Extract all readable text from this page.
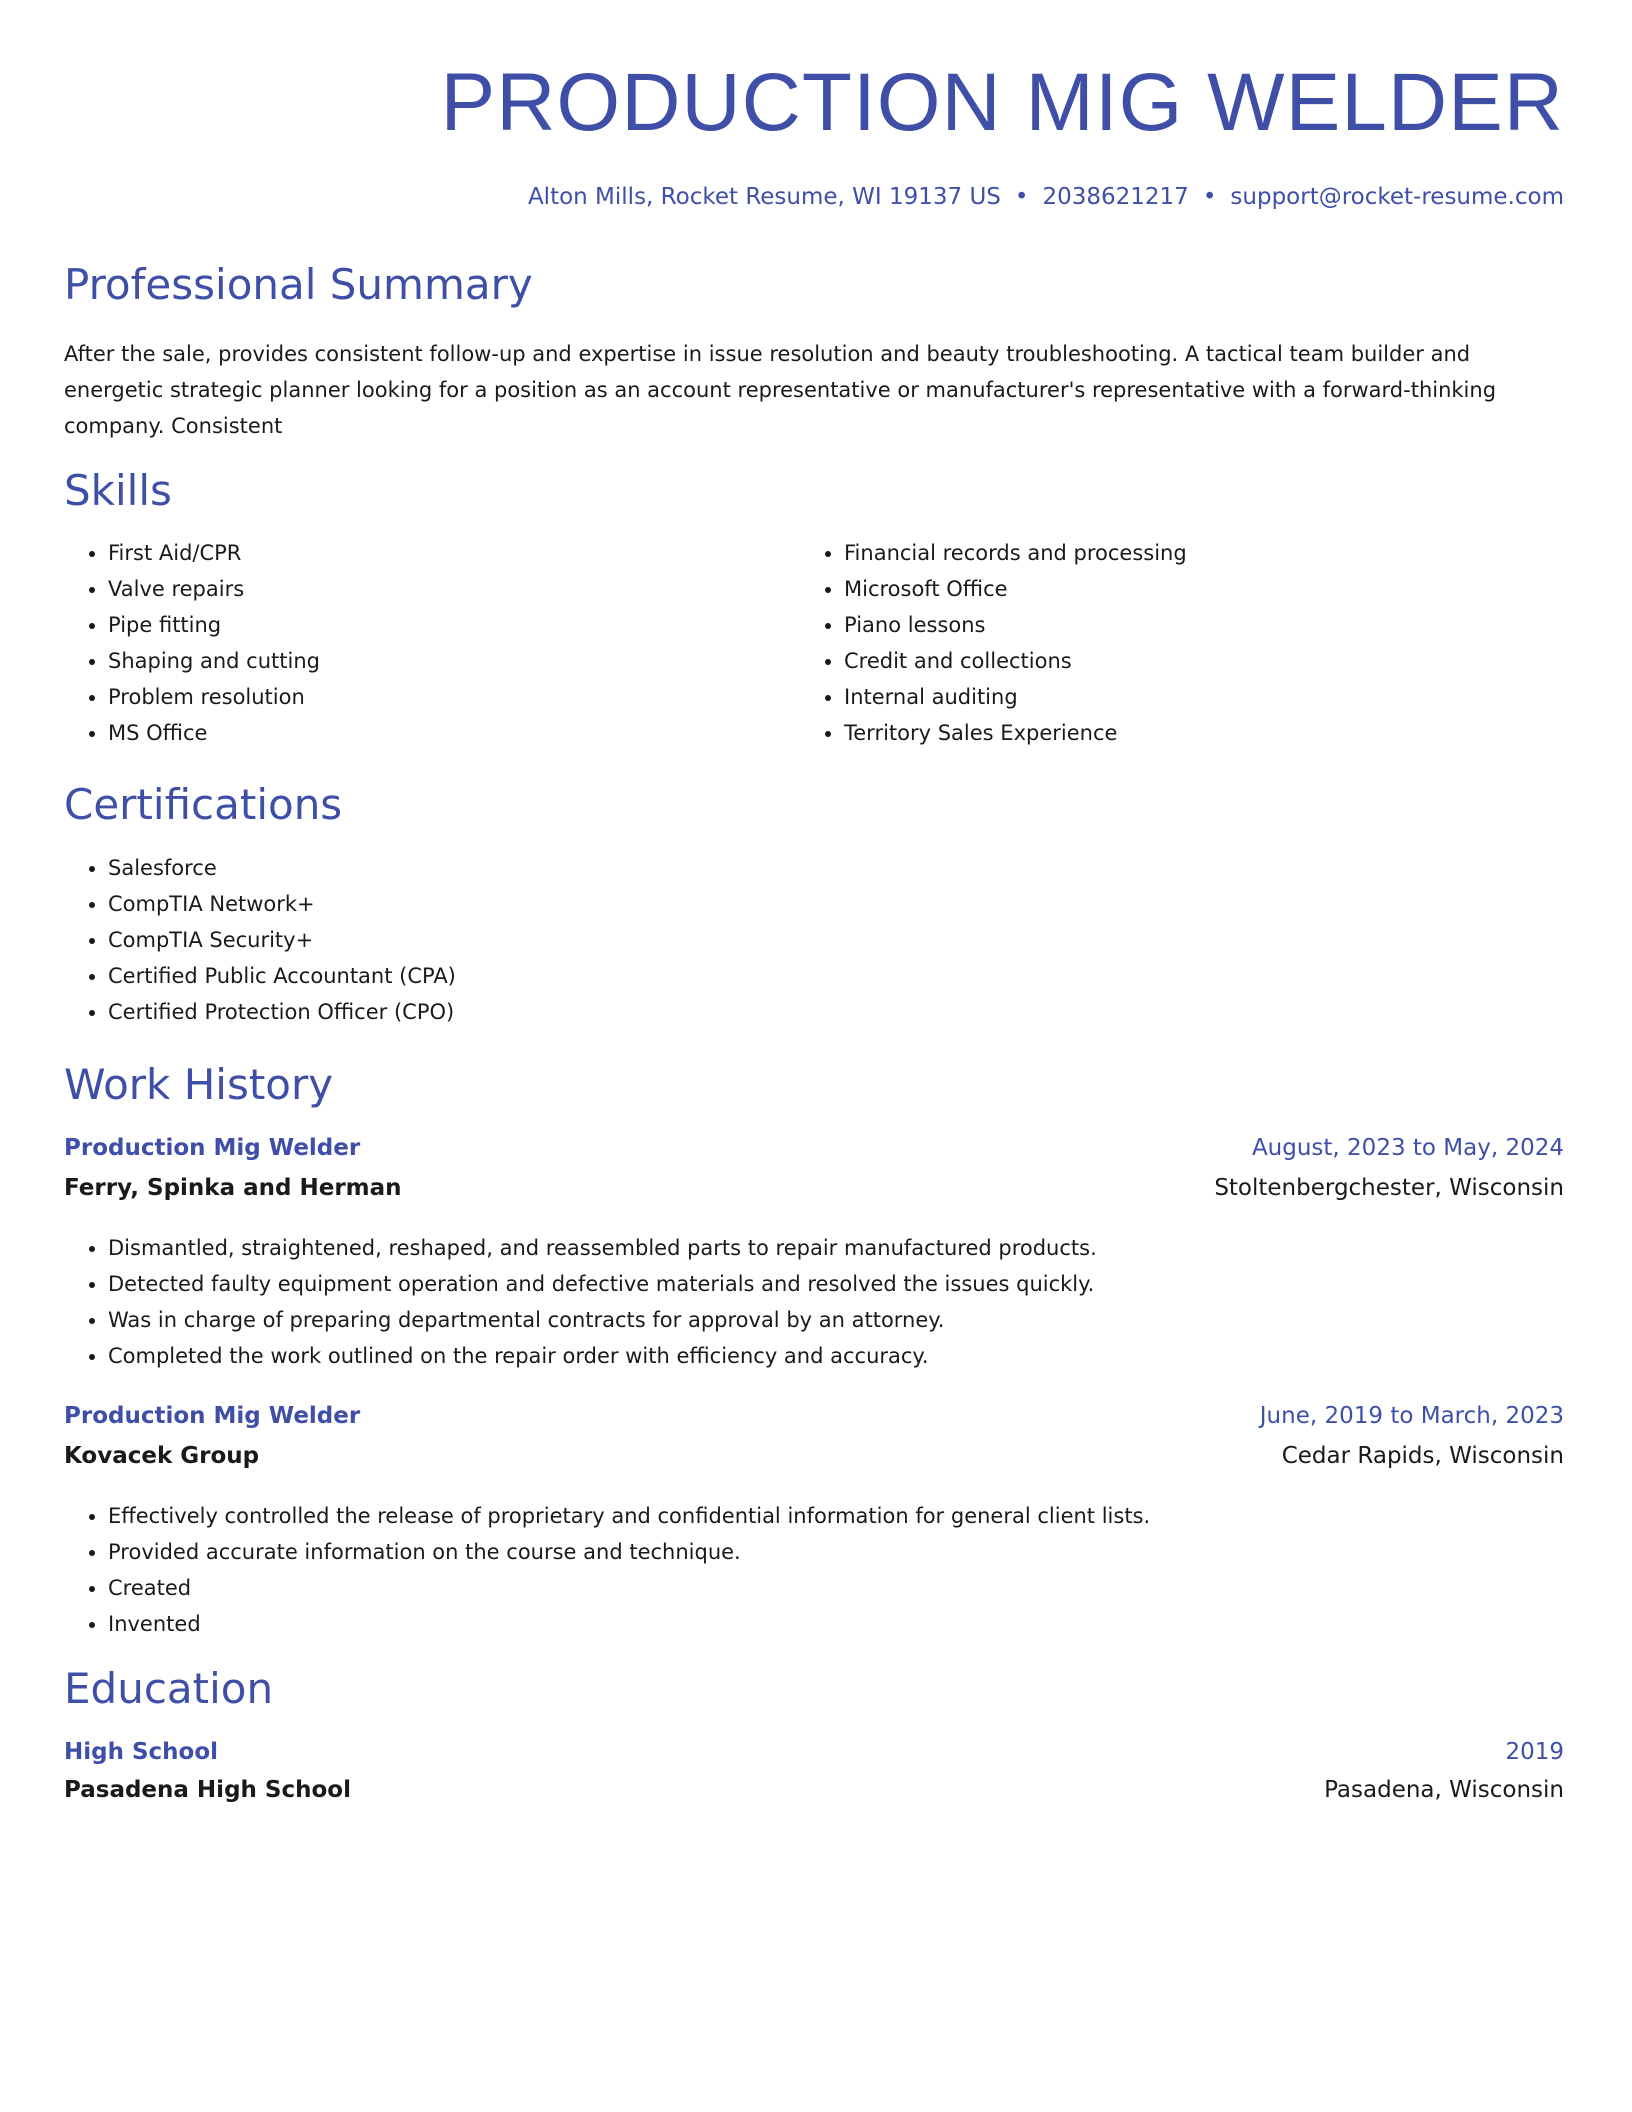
PRODUCTION MIG WELDER
Alton Mills, Rocket Resume, WI 19137 US • 2038621217 • support@rocket-resume.com
Professional Summary

After the sale, provides consistent follow-up and expertise in issue resolution and beauty troubleshooting. A tactical team builder and energetic strategic planner looking for a position as an account representative or manufacturer's representative with a forward-thinking company. Consistent

Skills
• First Aid/CPR
• Valve repairs
• Pipe fitting
• Shaping and cutting
• Problem resolution
• MS Office
• Financial records and processing
• Microsoft Office
• Piano lessons
• Credit and collections
• Internal auditing
• Territory Sales Experience
Certifications
• Salesforce
• CompTIA Network+
• CompTIA Security+
• Certified Public Accountant (CPA)
• Certified Protection Officer (CPO)
Work History
Production Mig Welder	August, 2023 to May, 2024
Ferry, Spinka and Herman	Stoltenbergchester, Wisconsin
• Dismantled, straightened, reshaped, and reassembled parts to repair manufactured products.
• Detected faulty equipment operation and defective materials and resolved the issues quickly.
• Was in charge of preparing departmental contracts for approval by an attorney.
• Completed the work outlined on the repair order with efficiency and accuracy.
Production Mig Welder	June, 2019 to March, 2023
Kovacek Group	Cedar Rapids, Wisconsin
• Effectively controlled the release of proprietary and confidential information for general client lists.
• Provided accurate information on the course and technique.
• Created
• Invented
Education
High School	2019
Pasadena High School	Pasadena, Wisconsin
